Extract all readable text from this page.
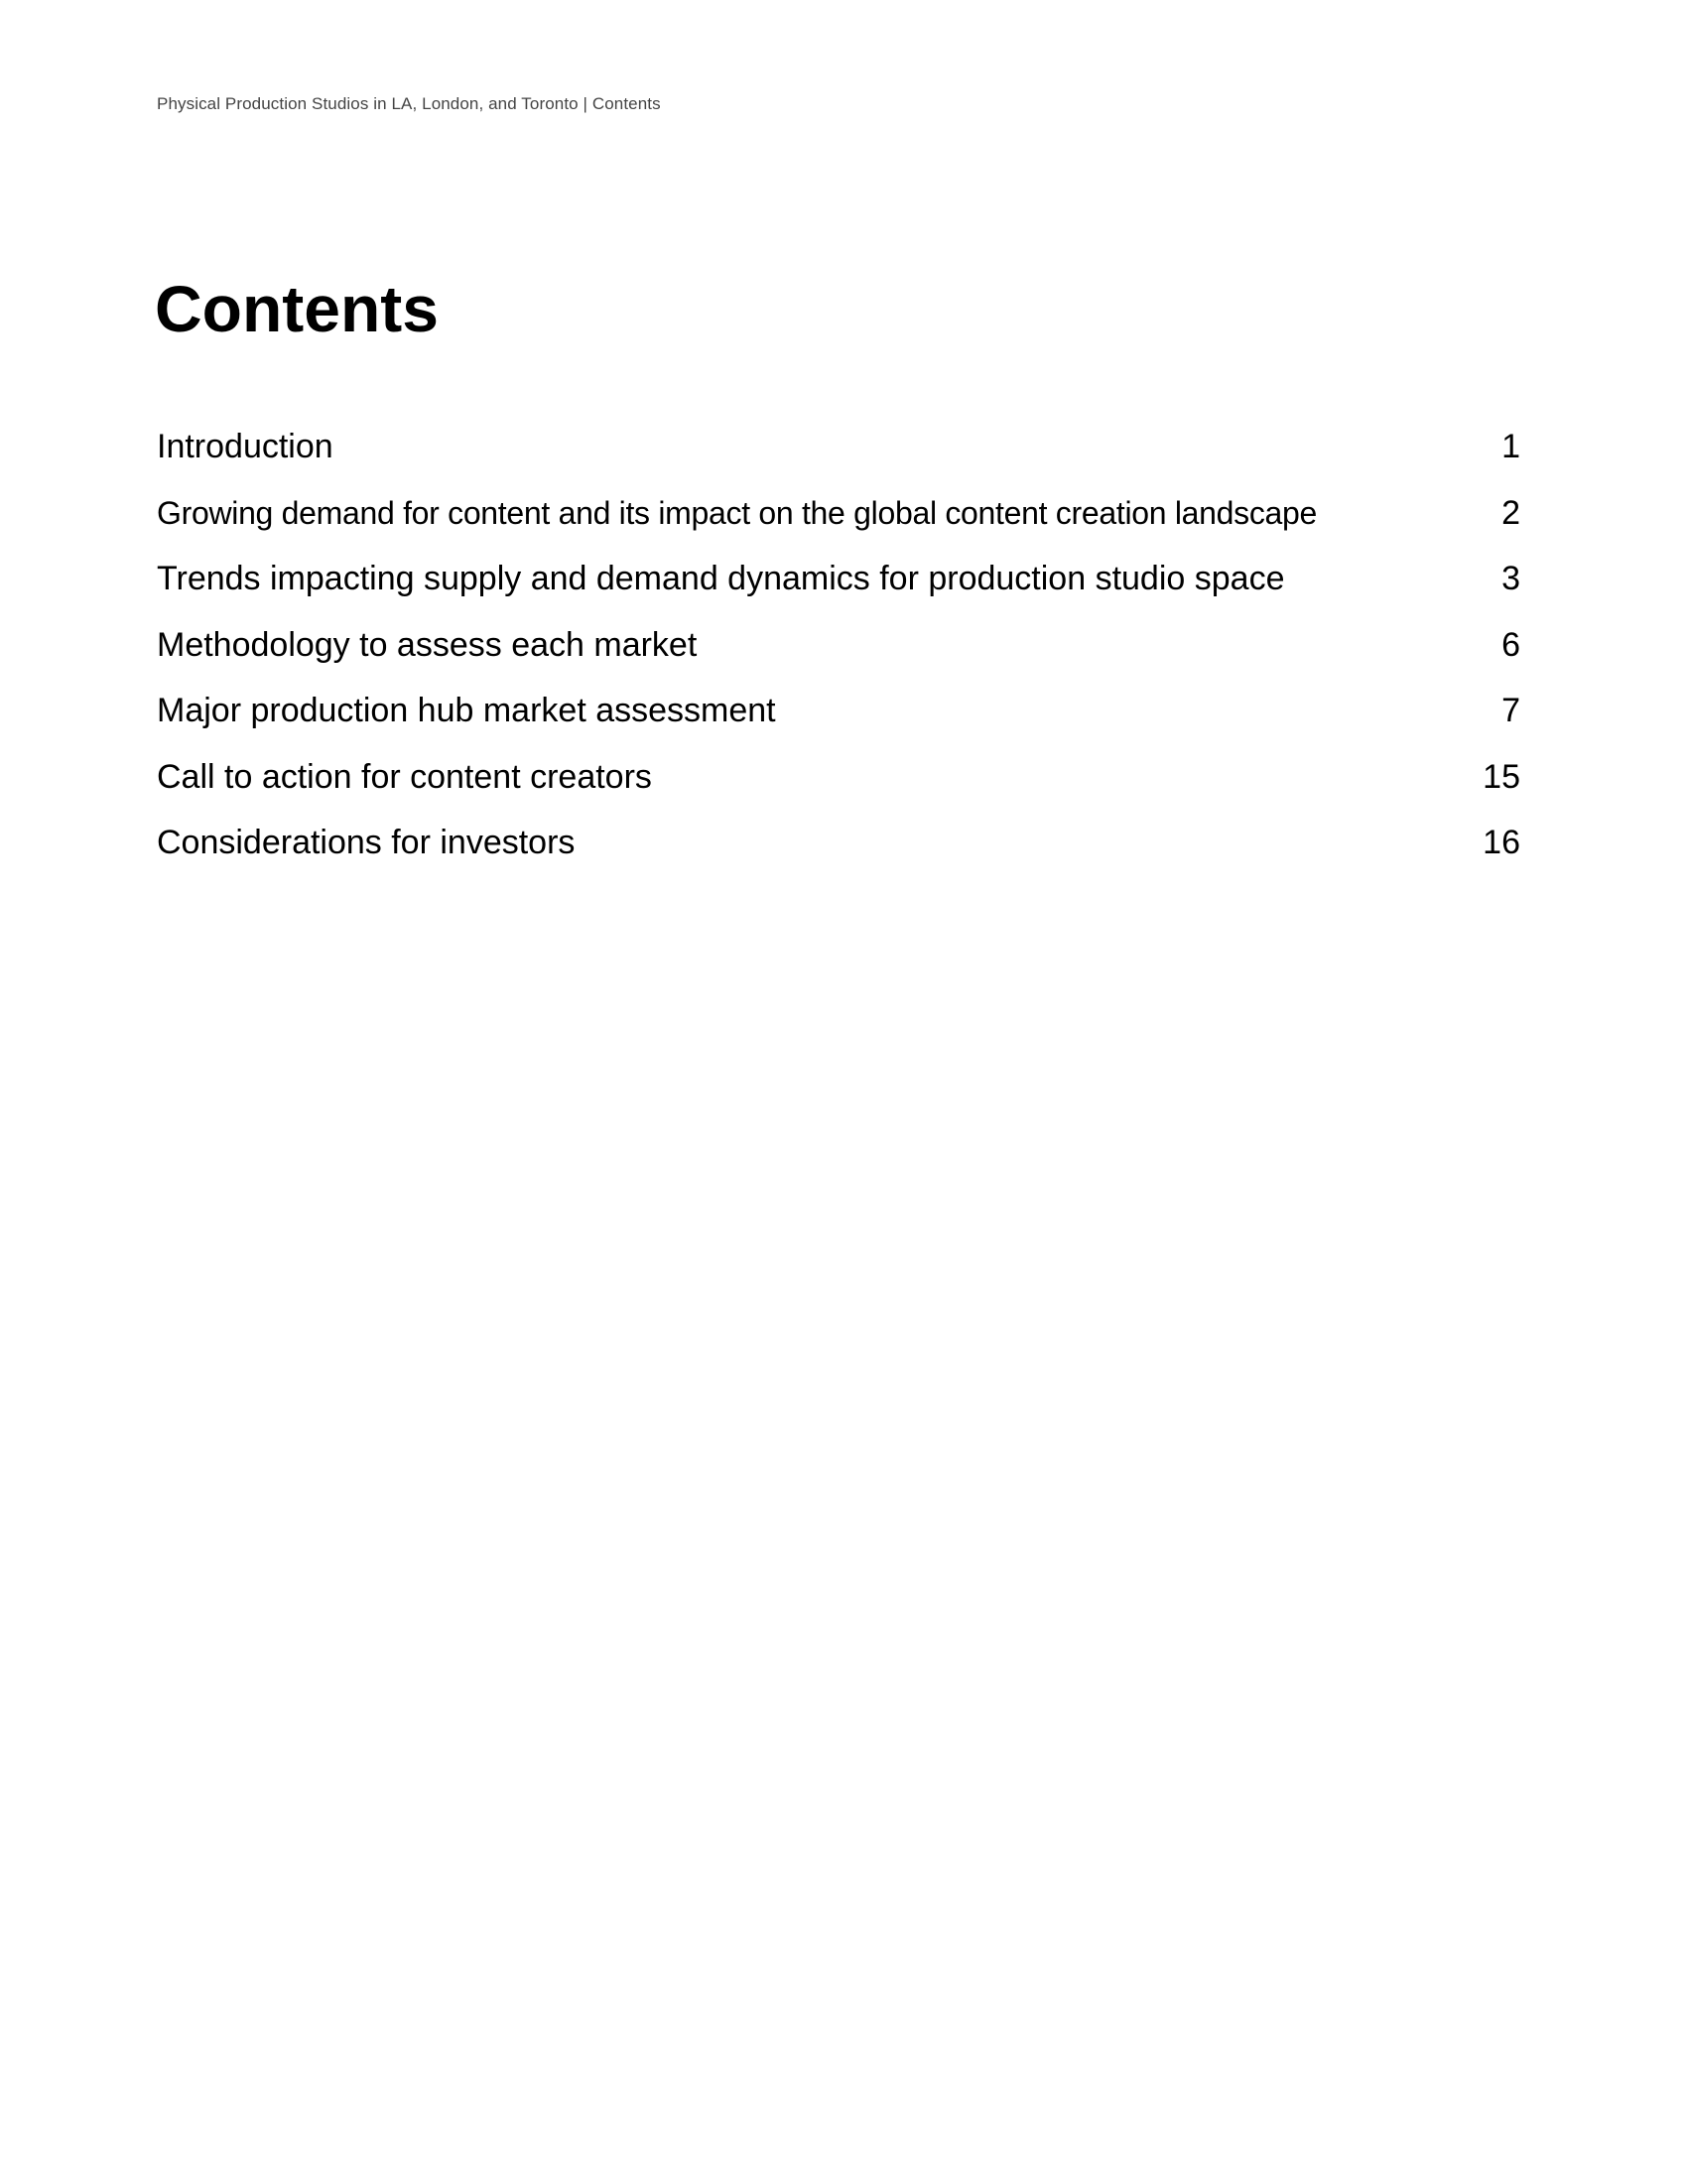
Physical Production Studios in LA, London, and Toronto | Contents
Contents
Introduction	1
Growing demand for content and its impact on the global content creation landscape	2
Trends impacting supply and demand dynamics for production studio space	3
Methodology to assess each market	6
Major production hub market assessment	7
Call to action for content creators	15
Considerations for investors	16
